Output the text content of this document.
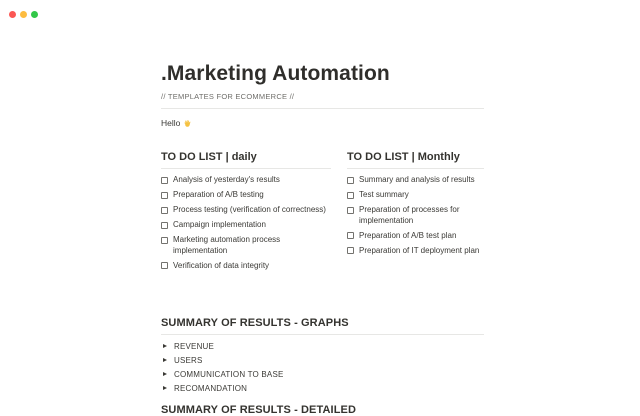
.Marketing Automation
// TEMPLATES FOR ECOMMERCE //
Hello
TO DO LIST | daily
Analysis of yesterday's results
Preparation of A/B testing
Process testing (verification of correctness)
Campaign implementation
Marketing automation process implementation
Verification of data integrity
TO DO LIST | Monthly
Summary and analysis of results
Test summary
Preparation of processes for implementation
Preparation of A/B test plan
Preparation of IT deployment plan
SUMMARY OF RESULTS - GRAPHS
REVENUE
USERS
COMMUNICATION TO BASE
RECOMANDATION
SUMMARY OF RESULTS - DETAILED
